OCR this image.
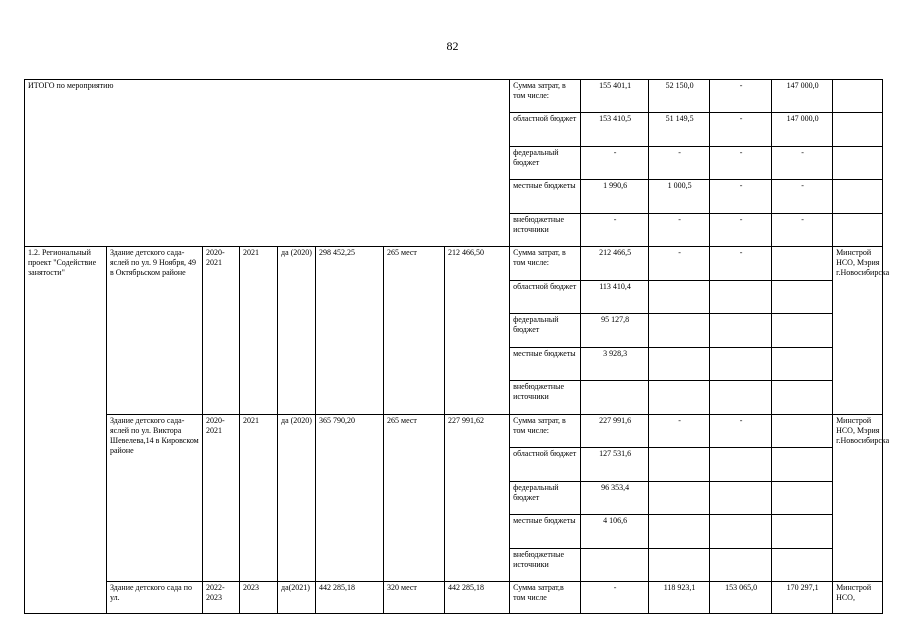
82
ИТОГО по мероприятию								Сумма затрат, в том числе:	155 401,1	52 150,0	-	147 000,0	
								областной бюджет	153 410,5	51 149,5	-	147 000,0	
								федеральный бюджет	-	-	-	-	
								местные бюджеты	1 990,6	1 000,5	-	-	
								внебюджетные источники	-	-	-	-	
1.2. Региональный проект "Содействие занятости"	Здание детского сада-яслей по ул. 9 Ноября, 49 в Октябрьском районе	2020-2021	2021	да (2020)	298 452,25	265 мест	212 466,50	Сумма затрат, в том числе:	212 466,5	-	-		Минстрой НСО, Мэрия г.Новосибирска
								областной бюджет	113 410,4				
								федеральный бюджет	95 127,8				
								местные бюджеты	3 928,3				
								внебюджетные источники					
	Здание детского сада-яслей по ул. Виктора Шевелева,14 в Кировском районе	2020-2021	2021	да (2020)	365 790,20	265 мест	227 991,62	Сумма затрат, в том числе:	227 991,6	-	-		Минстрой НСО, Мэрия г.Новосибирска
								областной бюджет	127 531,6				
								федеральный бюджет	96 353,4				
								местные бюджеты	4 106,6				
								внебюджетные источники					
	Здание детского сада по ул.	2022-2023	2023	да(2021)	442 285,18	320 мест	442 285,18	Сумма затрат,в том числе	-	118 923,1	153 065,0	170 297,1	Минстрой НСО,
